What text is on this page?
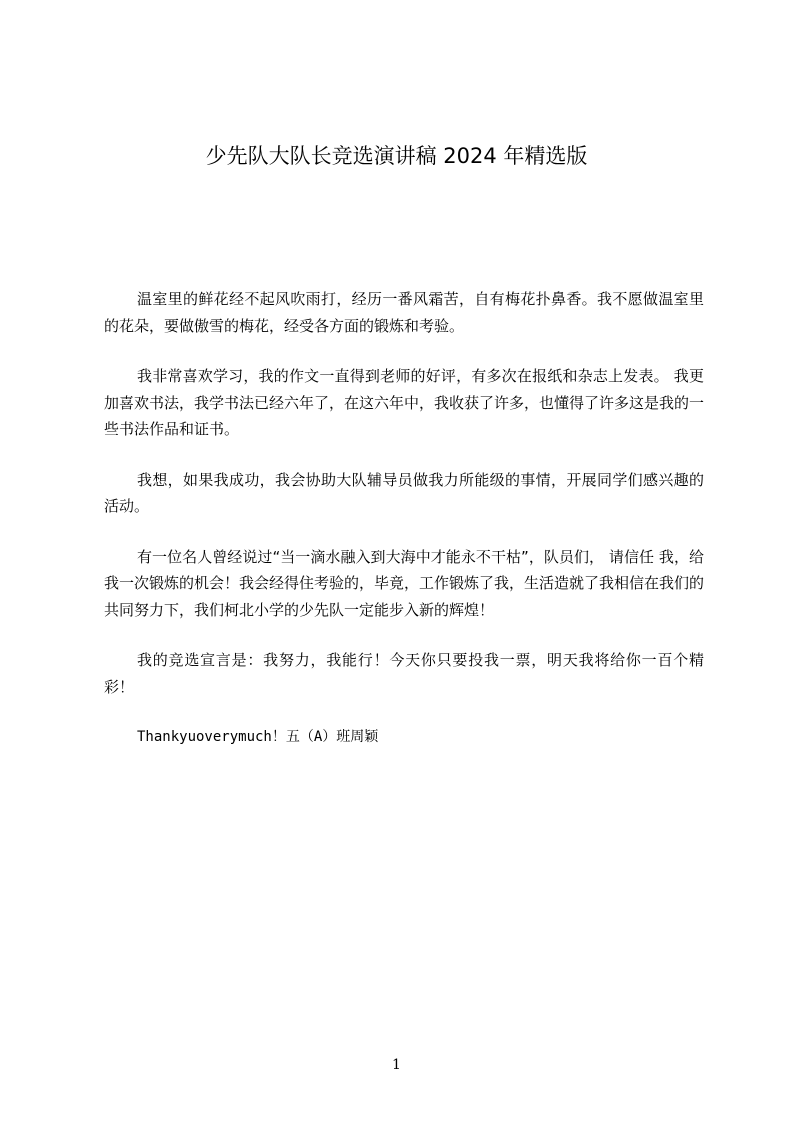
少先队大队长竞选演讲稿 2024 年精选版

温室里的鲜花经不起风吹雨打，经历一番风霜苦，自有梅花扑鼻香。我不愿做温室里的花朵，要做傲雪的梅花，经受各方面的锻炼和考验。

我非常喜欢学习，我的作文一直得到老师的好评，有多次在报纸和杂志上发表。 我更加喜欢书法，我学书法已经六年了，在这六年中，我收获了许多，也懂得了许多这是我的一些书法作品和证书。

我想，如果我成功，我会协助大队辅导员做我力所能级的事情，开展同学们感兴趣的活动。

有一位名人曾经说过“当一滴水融入到大海中才能永不干枯”，队员们， 请信任 我，给我一次锻炼的机会！我会经得住考验的，毕竟，工作锻炼了我，生活造就了我相信在我们的共同努力下，我们柯北小学的少先队一定能步入新的辉煌！

我的竞选宣言是：我努力，我能行！今天你只要投我一票，明天我将给你一百个精彩！

Thankyuoverymuch！五（A）班周颖

1
